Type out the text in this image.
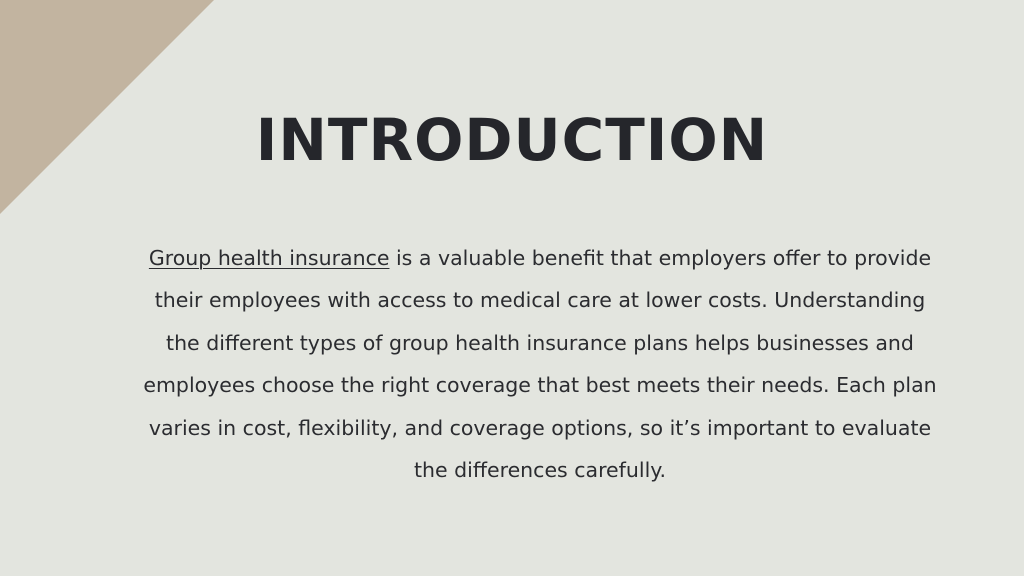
INTRODUCTION

Group health insurance is a valuable benefit that employers offer to provide their employees with access to medical care at lower costs. Understanding the different types of group health insurance plans helps businesses and employees choose the right coverage that best meets their needs. Each plan varies in cost, flexibility, and coverage options, so it’s important to evaluate the differences carefully.
